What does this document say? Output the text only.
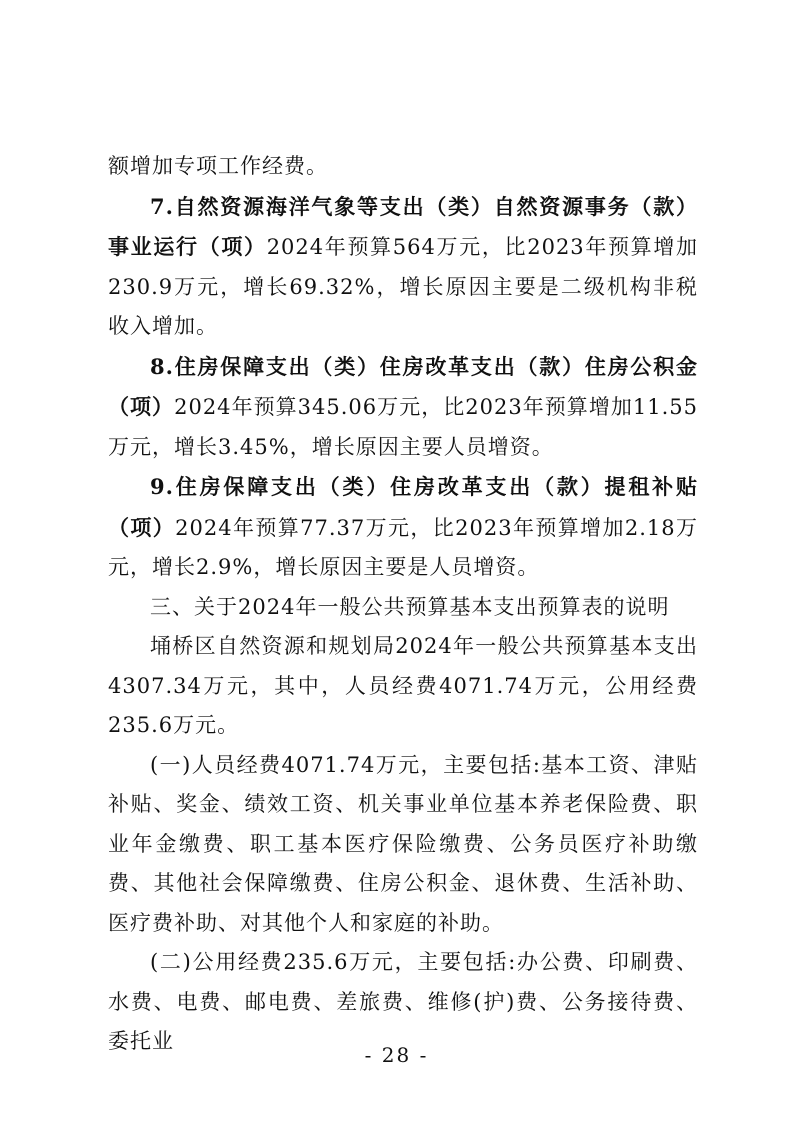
额增加专项工作经费。

7.自然资源海洋气象等支出（类）自然资源事务（款）事业运行（项）2024年预算564万元，比2023年预算增加230.9万元，增长69.32%，增长原因主要是二级机构非税收入增加。

8.住房保障支出（类）住房改革支出（款）住房公积金（项）2024年预算345.06万元，比2023年预算增加11.55万元，增长3.45%，增长原因主要人员增资。

9.住房保障支出（类）住房改革支出（款）提租补贴（项）2024年预算77.37万元，比2023年预算增加2.18万元，增长2.9%，增长原因主要是人员增资。

三、关于2024年一般公共预算基本支出预算表的说明

埇桥区自然资源和规划局2024年一般公共预算基本支出4307.34万元，其中，人员经费4071.74万元，公用经费235.6万元。

(一)人员经费4071.74万元，主要包括:基本工资、津贴补贴、奖金、绩效工资、机关事业单位基本养老保险费、职业年金缴费、职工基本医疗保险缴费、公务员医疗补助缴费、其他社会保障缴费、住房公积金、退休费、生活补助、医疗费补助、对其他个人和家庭的补助。

(二)公用经费235.6万元，主要包括:办公费、印刷费、水费、电费、邮电费、差旅费、维修(护)费、公务接待费、委托业

- 28 -
